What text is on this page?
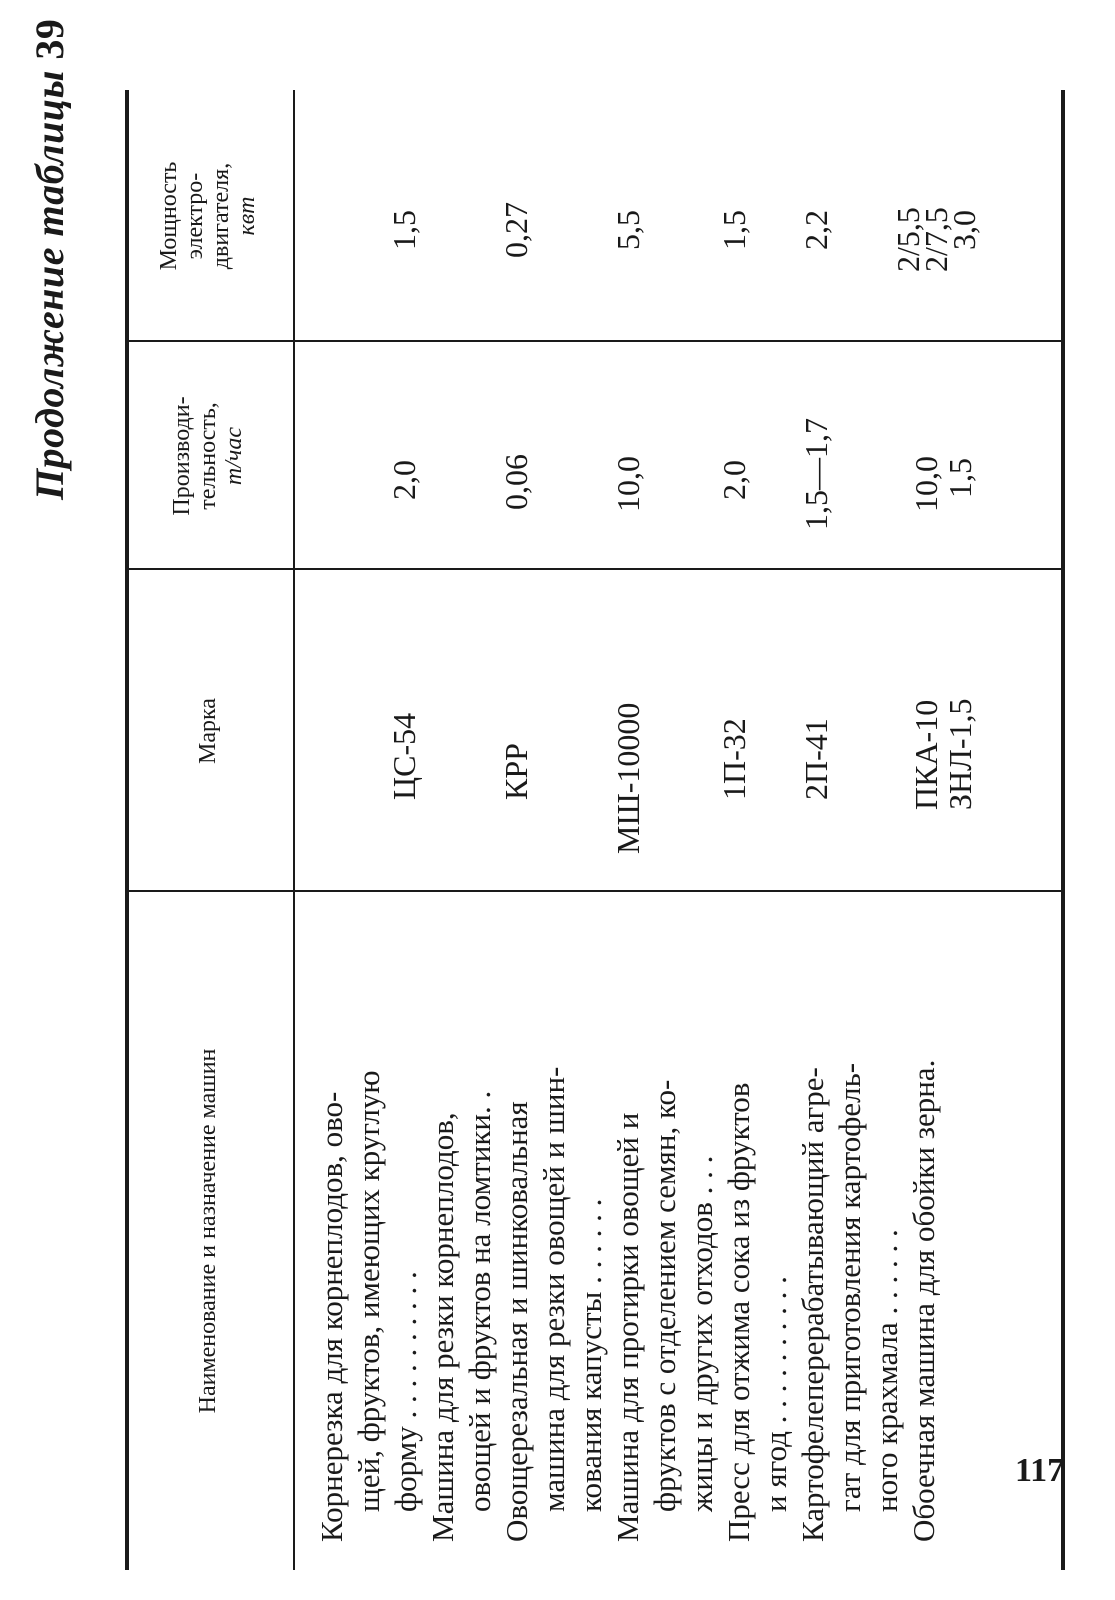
Продолжение таблицы 39
Наименование и назначение машин
Марка
Производи- тельность, т/час
Мощность электро- двигателя, квт
Корнерезка для корнеплодов, ово- щей, фруктов, имеющих круглую форму . . . . . . . . . . Машина для резки корнеплодов, овощей и фруктов на ломтики. . Овощерезальная и шинковальная машина для резки овощей и шин- кования капусты . . . . . . Машина для протирки овощей и фруктов с отделением семян, ко- жицы и других отходов . . . Пресс для отжима сока из фруктов и ягод . . . . . . . . . . Картофелеперерабатывающий агре- гат для приготовления картофель- ного крахмала . . . . . . Обоечная машина для обойки зерна.
ЦС-54 КРР МШ-10000 1П-32 2П-41 ПКА-10
ЗНЛ-1,5
2,0 0,06 10,0 2,0 1,5—1,7 10,0
1,5
1,5 0,27 5,5 1,5 2,2 2/5,5
2/7,5
3,0
117
